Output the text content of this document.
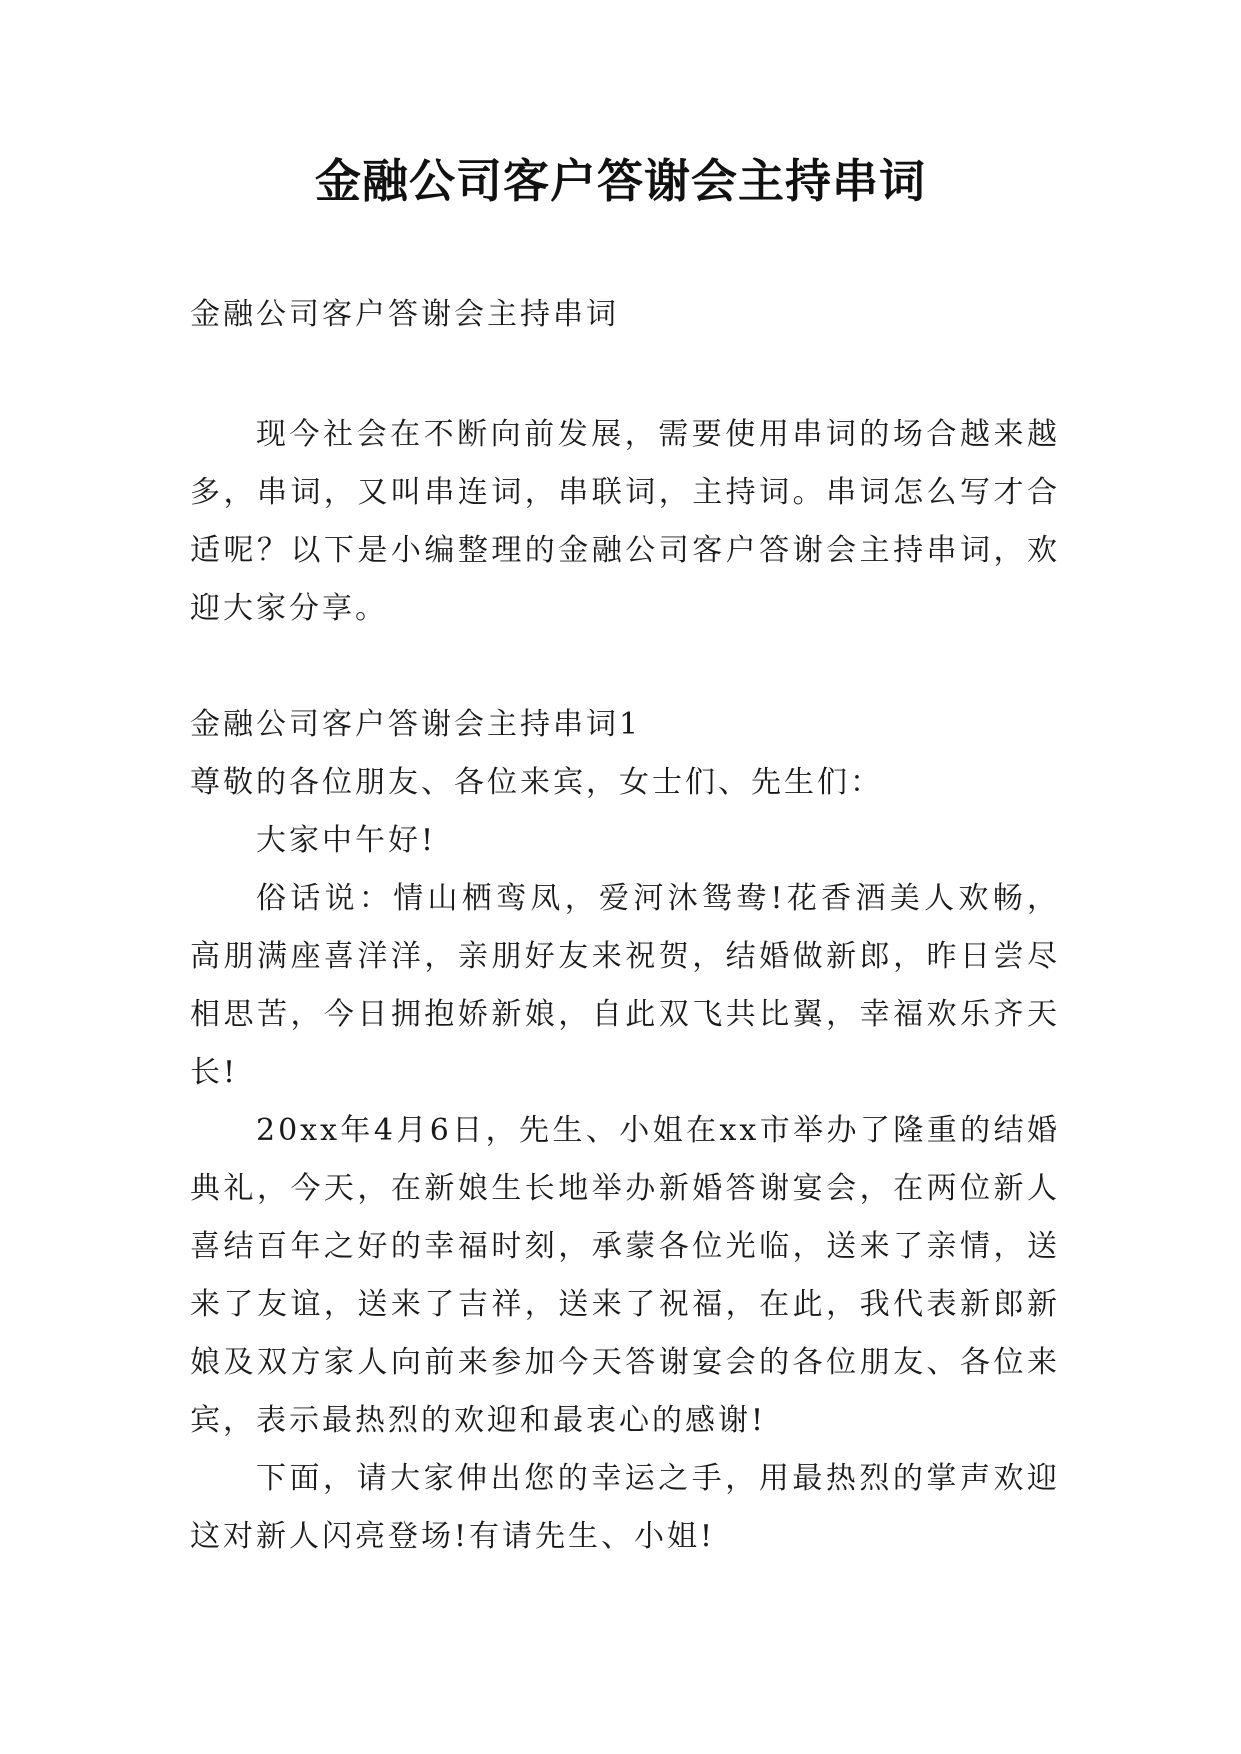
金融公司客户答谢会主持串词
金融公司客户答谢会主持串词

现今社会在不断向前发展，需要使用串词的场合越来越多，串词，又叫串连词，串联词，主持词。串词怎么写才合适呢？以下是小编整理的金融公司客户答谢会主持串词，欢迎大家分享。

金融公司客户答谢会主持串词1

尊敬的各位朋友、各位来宾，女士们、先生们：

大家中午好!

俗话说：情山栖鸾凤，爱河沐鸳鸯!花香酒美人欢畅，高朋满座喜洋洋，亲朋好友来祝贺，结婚做新郎，昨日尝尽相思苦，今日拥抱娇新娘，自此双飞共比翼，幸福欢乐齐天长!

20xx年4月6日，先生、小姐在xx市举办了隆重的结婚典礼，今天，在新娘生长地举办新婚答谢宴会，在两位新人喜结百年之好的幸福时刻，承蒙各位光临，送来了亲情，送来了友谊，送来了吉祥，送来了祝福，在此，我代表新郎新娘及双方家人向前来参加今天答谢宴会的各位朋友、各位来宾，表示最热烈的欢迎和最衷心的感谢!

下面，请大家伸出您的幸运之手，用最热烈的掌声欢迎这对新人闪亮登场!有请先生、小姐!
